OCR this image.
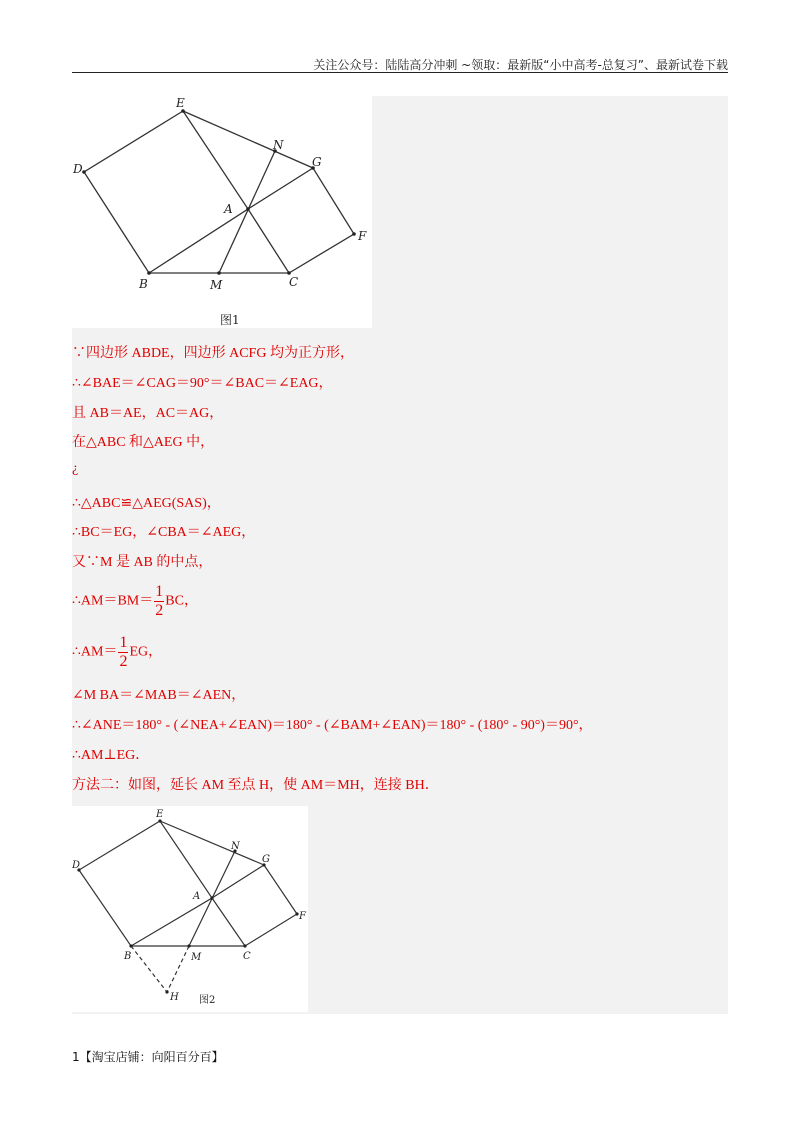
关注公众号：陆陆高分冲刺 ~领取：最新版“小中高考-总复习”、最新试卷下载
E
N
G
D
A
F
B	M	C
图1
∵四边形 ABDE，四边形 ACFG 均为正方形，
∴∠BAE＝∠CAG＝90°＝∠BAC＝∠EAG，
且 AB＝AE，AC＝AG，
在△ABC 和△AEG 中，
¿
∴△ABC≌△AEG(SAS)，
∴BC＝EG，∠CBA＝∠AEG，
又∵M 是 AB 的中点，
∴AM＝BM＝ $\frac{1}{2}$ BC，
∴AM＝ $\frac{1}{2}$ EG，
∠M BA＝∠MAB＝∠AEN，
∴∠ANE＝180° - (∠NEA+∠EAN)＝180° - (∠BAM+∠EAN)＝180° - (180° - 90°)＝90°，
∴AM⊥EG．
方法二：如图，延长 AM 至点 H，使 AM＝MH，连接 BH．
E
N
G
D
A
F
B	M	C
H 图2
1【淘宝店铺：向阳百分百】
